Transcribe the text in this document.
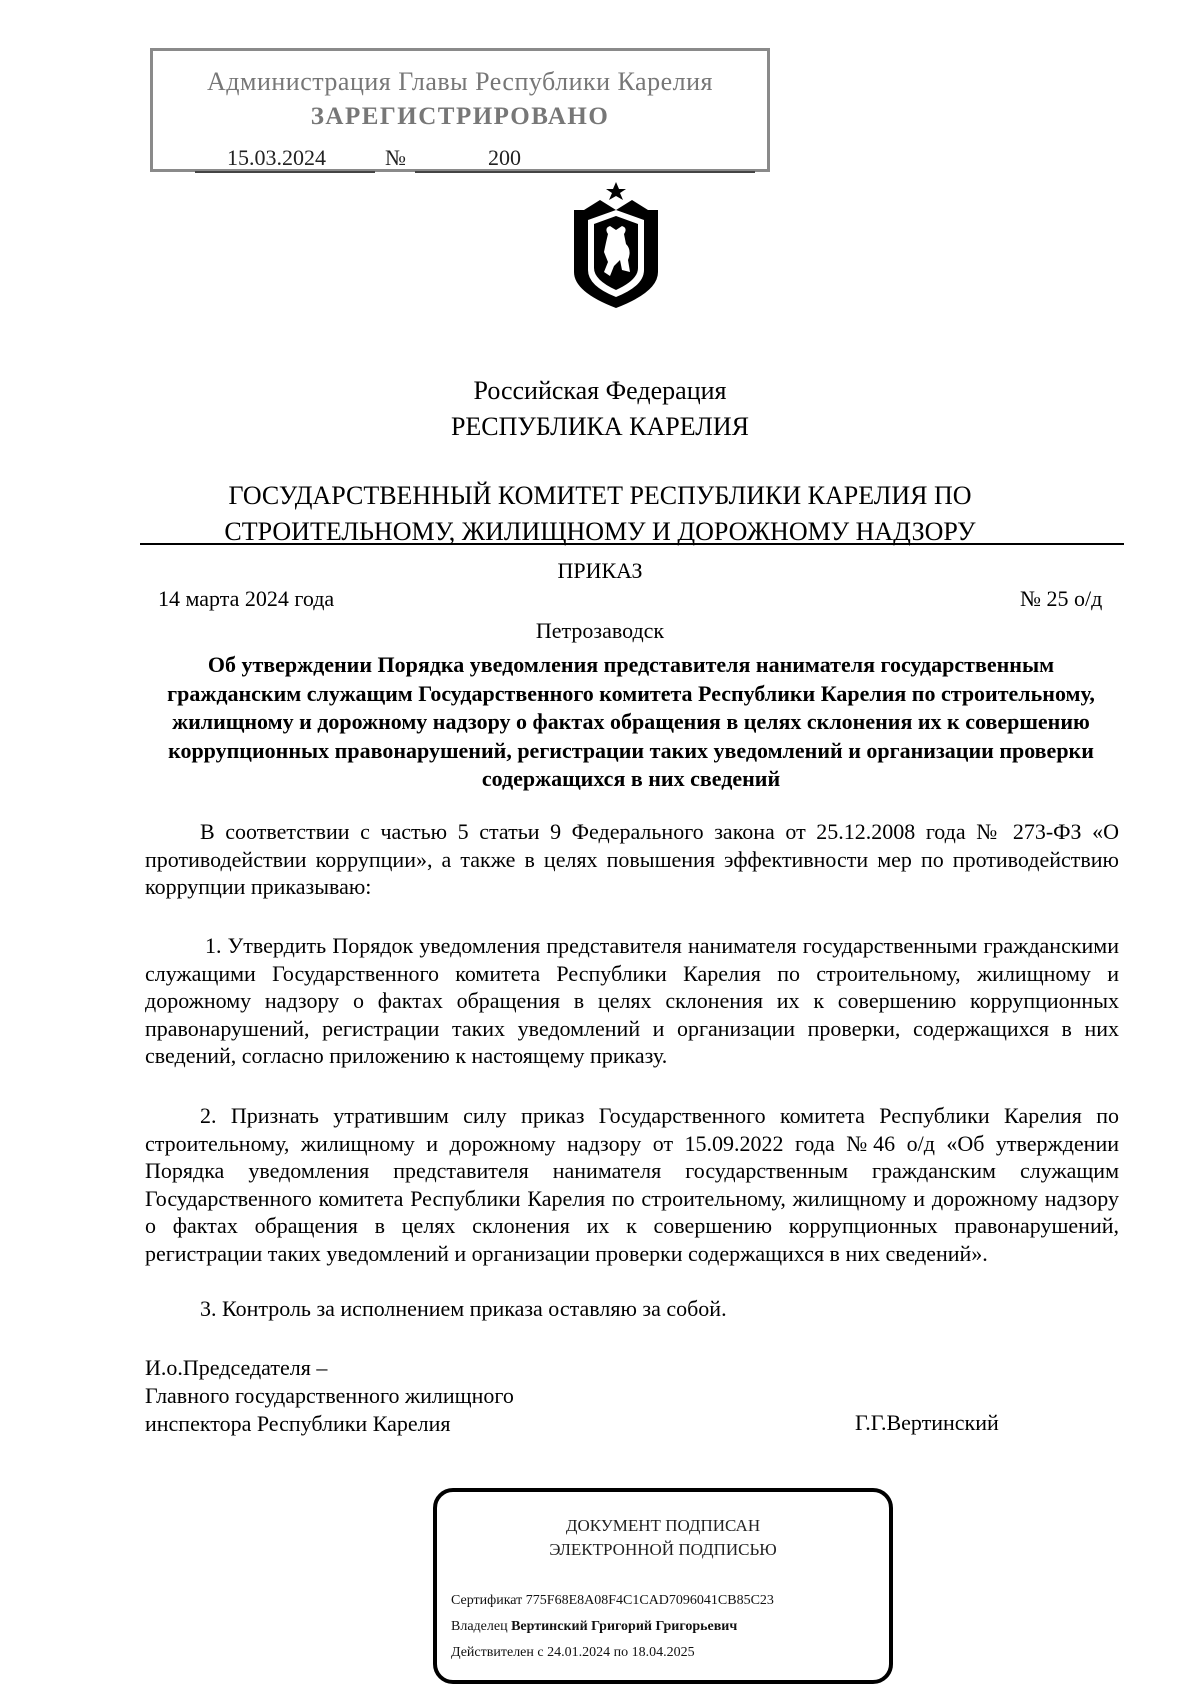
Администрация Главы Республики Карелия
ЗАРЕГИСТРИРОВАНО
15.03.2024	№	200
Российская Федерация
РЕСПУБЛИКА КАРЕЛИЯ
ГОСУДАРСТВЕННЫЙ КОМИТЕТ РЕСПУБЛИКИ КАРЕЛИЯ ПО
СТРОИТЕЛЬНОМУ, ЖИЛИЩНОМУ И ДОРОЖНОМУ НАДЗОРУ
ПРИКАЗ
14 марта 2024 года	№ 25 о/д
Петрозаводск
Об утверждении Порядка уведомления представителя нанимателя государственным гражданским служащим Государственного комитета Республики Карелия по строительному, жилищному и дорожному надзору о фактах обращения в целях склонения их к совершению коррупционных правонарушений, регистрации таких уведомлений и организации проверки содержащихся в них сведений
В соответствии с частью 5 статьи 9 Федерального закона от 25.12.2008 года № 273-ФЗ «О противодействии коррупции», а также в целях повышения эффективности мер по противодействию коррупции приказываю:
1. Утвердить Порядок уведомления представителя нанимателя государственными гражданскими служащими Государственного комитета Республики Карелия по строительному, жилищному и дорожному надзору о фактах обращения в целях склонения их к совершению коррупционных правонарушений, регистрации таких уведомлений и организации проверки, содержащихся в них сведений, согласно приложению к настоящему приказу.
2. Признать утратившим силу приказ Государственного комитета Республики Карелия по строительному, жилищному и дорожному надзору от 15.09.2022 года №46 о/д «Об утверждении Порядка уведомления представителя нанимателя государственным гражданским служащим Государственного комитета Республики Карелия по строительному, жилищному и дорожному надзору о фактах обращения в целях склонения их к совершению коррупционных правонарушений, регистрации таких уведомлений и организации проверки содержащихся в них сведений».
3. Контроль за исполнением приказа оставляю за собой.
И.о.Председателя –
Главного государственного жилищного
инспектора Республики Карелия	Г.Г.Вертинский
ДОКУМЕНТ ПОДПИСАН
ЭЛЕКТРОННОЙ ПОДПИСЬЮ
Сертификат 775F68E8A08F4C1CAD7096041CB85C23
Владелец Вертинский Григорий Григорьевич
Действителен с 24.01.2024 по 18.04.2025
